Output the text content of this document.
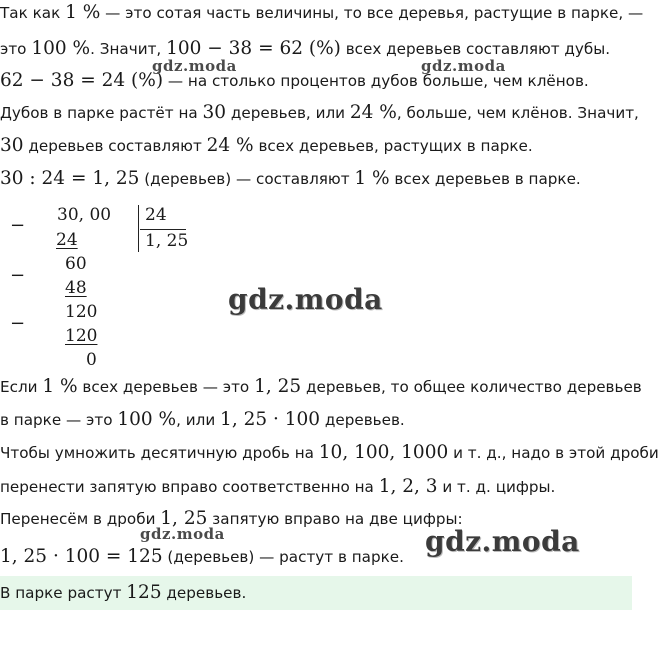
Так как 1 % — это сотая часть величины, то все деревья, растущие в парке, —
это 100 %. Значит, 100 − 38 = 62 (%) всех деревьев составляют дубы.
62 − 38 = 24 (%) — на столько процентов дубов больше, чем клёнов.
Дубов в парке растёт на 30 деревьев, или 24 %, больше, чем клёнов. Значит,
30 деревьев составляют 24 % всех деревьев, растущих в парке.
30 : 24 = 1, 25 (деревьев) — составляют 1 % всех деревьев в парке.
−
−
−
30, 00
24
60
48
120
120
0
24
1, 25
Если 1 % всех деревьев — это 1, 25 деревьев, то общее количество деревьев
в парке — это 100 %, или 1, 25 · 100 деревьев.
Чтобы умножить десятичную дробь на 10, 100, 1000 и т. д., надо в этой дроби
перенести запятую вправо соответственно на 1, 2, 3 и т. д. цифры.
Перенесём в дроби 1, 25 запятую вправо на две цифры:
1, 25 · 100 = 125 (деревьев) — растут в парке.
В парке растут 125 деревьев.
gdz.moda	gdz.moda
gdz.moda
gdz.moda	gdz.moda
